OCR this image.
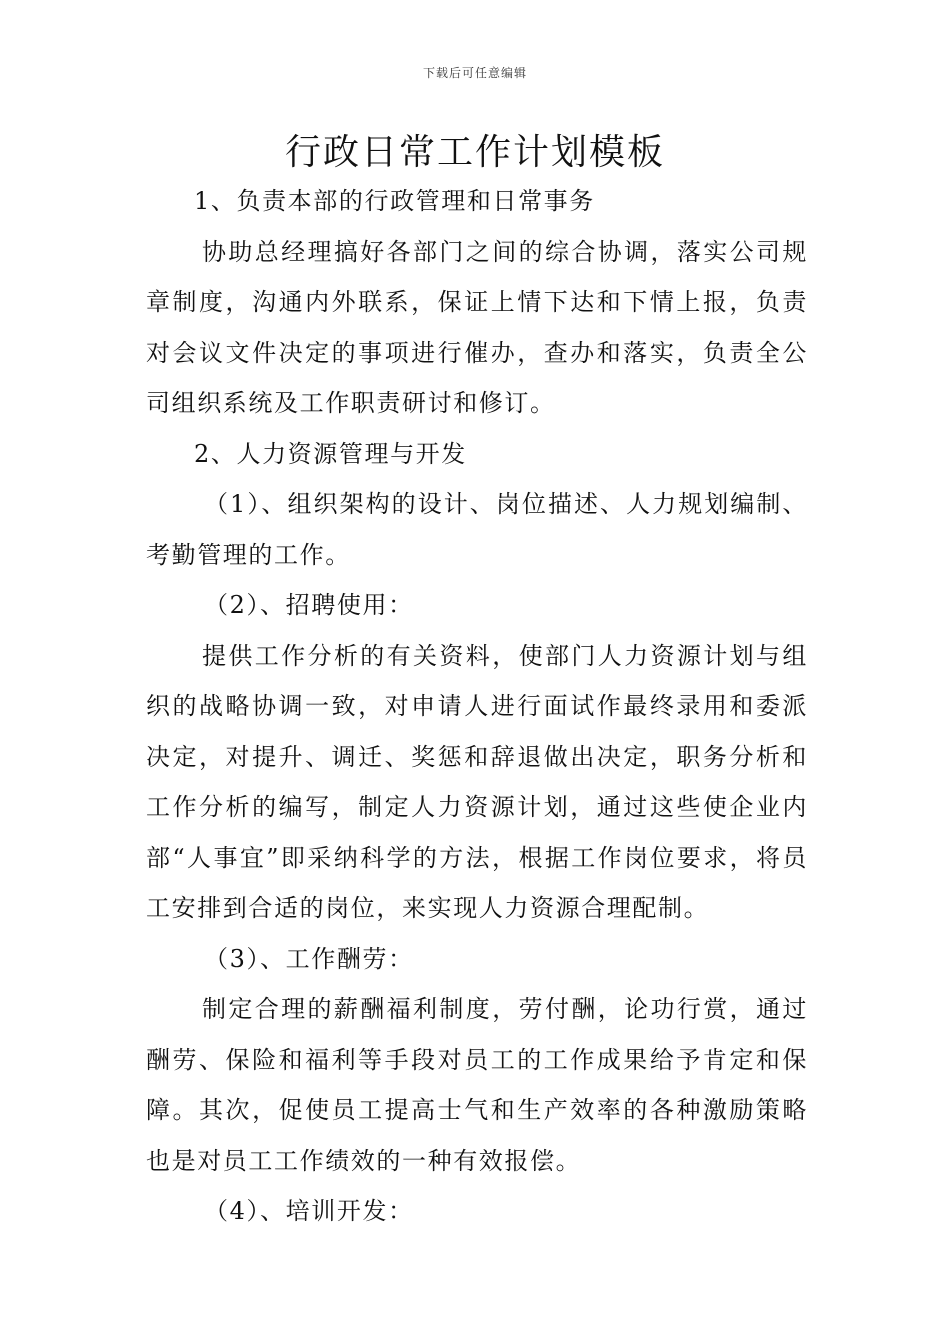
下载后可任意编辑
行政日常工作计划模板

1、负责本部的行政管理和日常事务

协助总经理搞好各部门之间的综合协调，落实公司规章制度，沟通内外联系，保证上情下达和下情上报，负责对会议文件决定的事项进行催办，查办和落实，负责全公司组织系统及工作职责研讨和修订。

2、人力资源管理与开发

（1）、组织架构的设计、岗位描述、人力规划编制、考勤管理的工作。

（2）、招聘使用：

提供工作分析的有关资料，使部门人力资源计划与组织的战略协调一致，对申请人进行面试作最终录用和委派决定，对提升、调迁、奖惩和辞退做出决定，职务分析和工作分析的编写，制定人力资源计划，通过这些使企业内部“人事宜”即采纳科学的方法，根据工作岗位要求，将员工安排到合适的岗位，来实现人力资源合理配制。

（3）、工作酬劳：

制定合理的薪酬福利制度，劳付酬，论功行赏，通过酬劳、保险和福利等手段对员工的工作成果给予肯定和保障。其次，促使员工提高士气和生产效率的各种激励策略也是对员工工作绩效的一种有效报偿。

（4）、培训开发：
